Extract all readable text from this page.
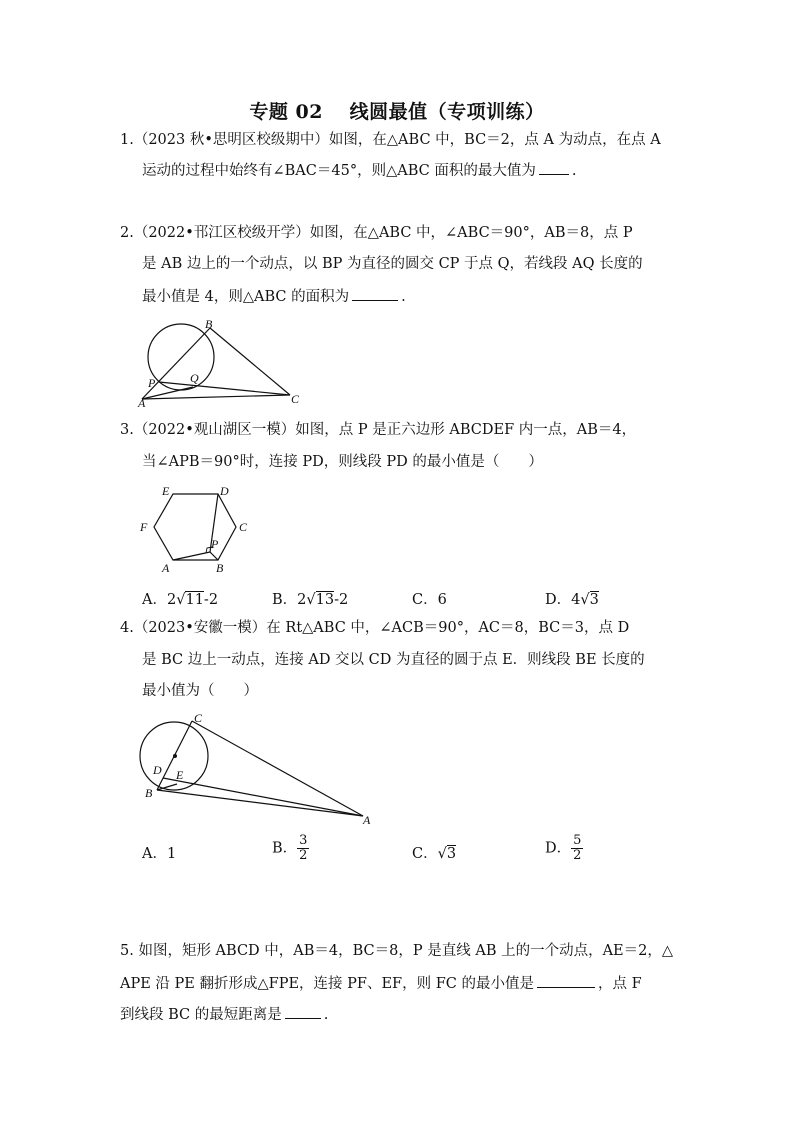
专题 02　 线圆最值（专项训练）
1.（2023 秋•思明区校级期中）如图，在△ABC 中，BC＝2，点 A 为动点，在点 A
运动的过程中始终有∠BAC＝45°，则△ABC 面积的最大值为 .
2.（2022•邗江区校级开学）如图，在△ABC 中，∠ABC＝90°，AB＝8，点 P
是 AB 边上的一个动点，以 BP 为直径的圆交 CP 于点 Q，若线段 AQ 长度的
最小值是 4，则△ABC 的面积为	.
B
P	Q
A	C
3.（2022•观山湖区一模）如图，点 P 是正六边形 ABCDEF 内一点，AB＝4，
当∠APB＝90°时，连接 PD，则线段 PD 的最小值是（　　）
E	D
F	C
P
A	B
A．2√11-2	B．2√13-2	C．6	D．4√3
4.（2023•安徽一模）在 Rt△ABC 中，∠ACB＝90°，AC＝8，BC＝3，点 D
是 BC 边上一动点，连接 AD 交以 CD 为直径的圆于点 E．则线段 BE 长度的
最小值为（　　）
C
D E
B
A
A．1	B． $\frac{3}{2}$	C．√3	D． $\frac{5}{2}$
5. 如图，矩形 ABCD 中，AB＝4，BC＝8，P 是直线 AB 上的一个动点，AE＝2，△
APE 沿 PE 翻折形成△FPE，连接 PF、EF，则 FC 的最小值是	，点 F
到线段 BC 的最短距离是	.
